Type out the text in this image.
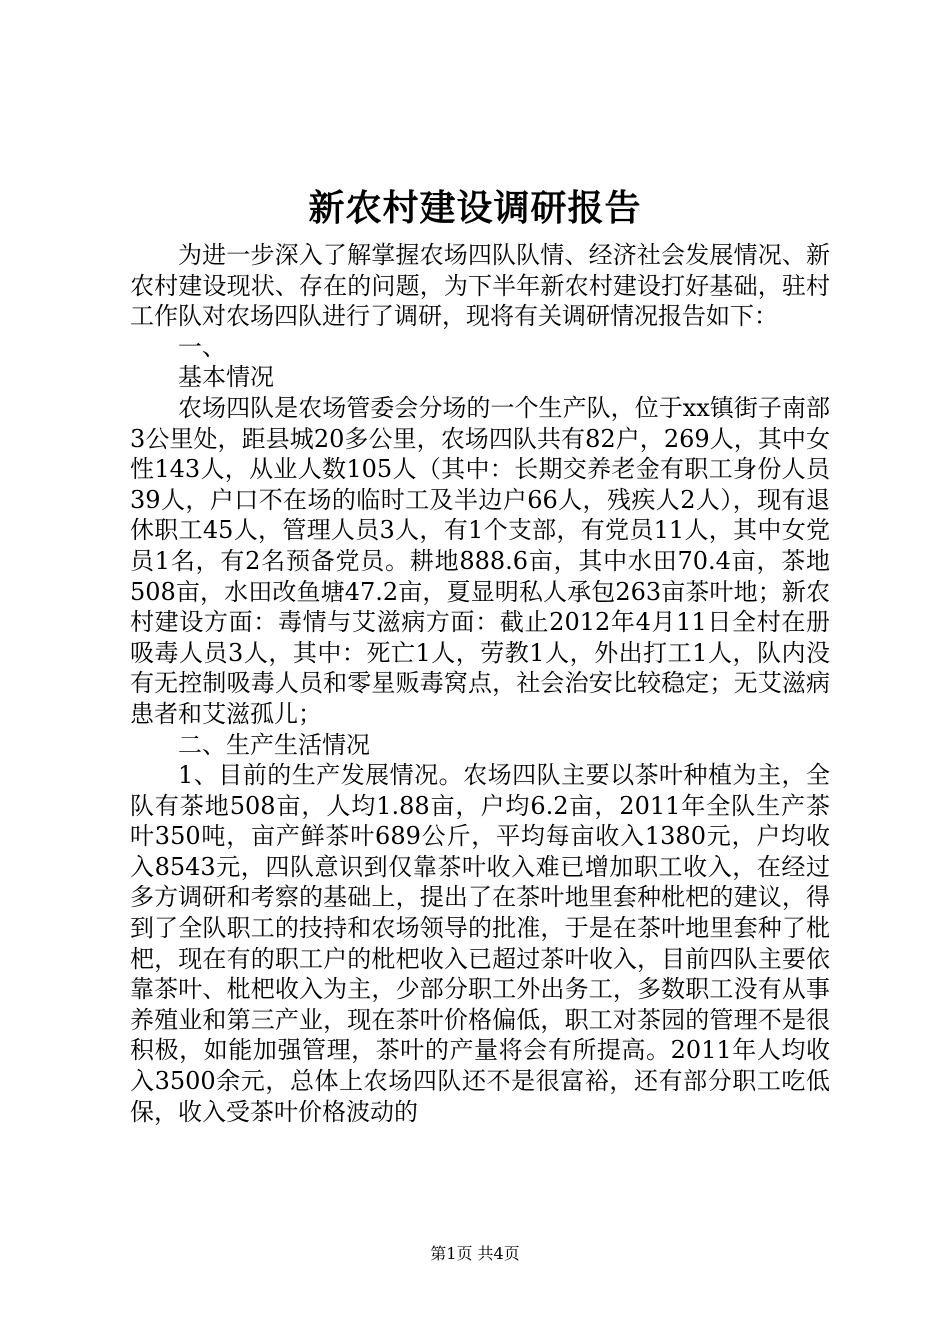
新农村建设调研报告

为进一步深入了解掌握农场四队队情、经济社会发展情况、新农村建设现状、存在的问题，为下半年新农村建设打好基础，驻村工作队对农场四队进行了调研，现将有关调研情况报告如下：

一、

基本情况

农场四队是农场管委会分场的一个生产队，位于xx镇街子南部3公里处，距县城20多公里，农场四队共有82户，269人，其中女性143人，从业人数105人（其中：长期交养老金有职工身份人员39人，户口不在场的临时工及半边户66人，残疾人2人），现有退休职工45人，管理人员3人，有1个支部，有党员11人，其中女党员1名，有2名预备党员。耕地888.6亩，其中水田70.4亩，茶地508亩，水田改鱼塘47.2亩，夏显明私人承包263亩茶叶地；新农村建设方面：毒情与艾滋病方面：截止2012年4月11日全村在册吸毒人员3人，其中：死亡1人，劳教1人，外出打工1人，队内没有无控制吸毒人员和零星贩毒窝点，社会治安比较稳定；无艾滋病患者和艾滋孤儿；

二、生产生活情况

1、目前的生产发展情况。农场四队主要以茶叶种植为主，全队有茶地508亩，人均1.88亩，户均6.2亩，2011年全队生产茶叶350吨，亩产鲜茶叶689公斤，平均每亩收入1380元，户均收入8543元，四队意识到仅靠茶叶收入难已增加职工收入，在经过多方调研和考察的基础上，提出了在茶叶地里套种枇杷的建议，得到了全队职工的技持和农场领导的批准，于是在茶叶地里套种了枇杷，现在有的职工户的枇杷收入已超过茶叶收入，目前四队主要依靠茶叶、枇杷收入为主，少部分职工外出务工，多数职工没有从事养殖业和第三产业，现在茶叶价格偏低，职工对茶园的管理不是很积极，如能加强管理，茶叶的产量将会有所提高。2011年人均收入3500余元，总体上农场四队还不是很富裕，还有部分职工吃低保，收入受茶叶价格波动的

第1页 共4页
